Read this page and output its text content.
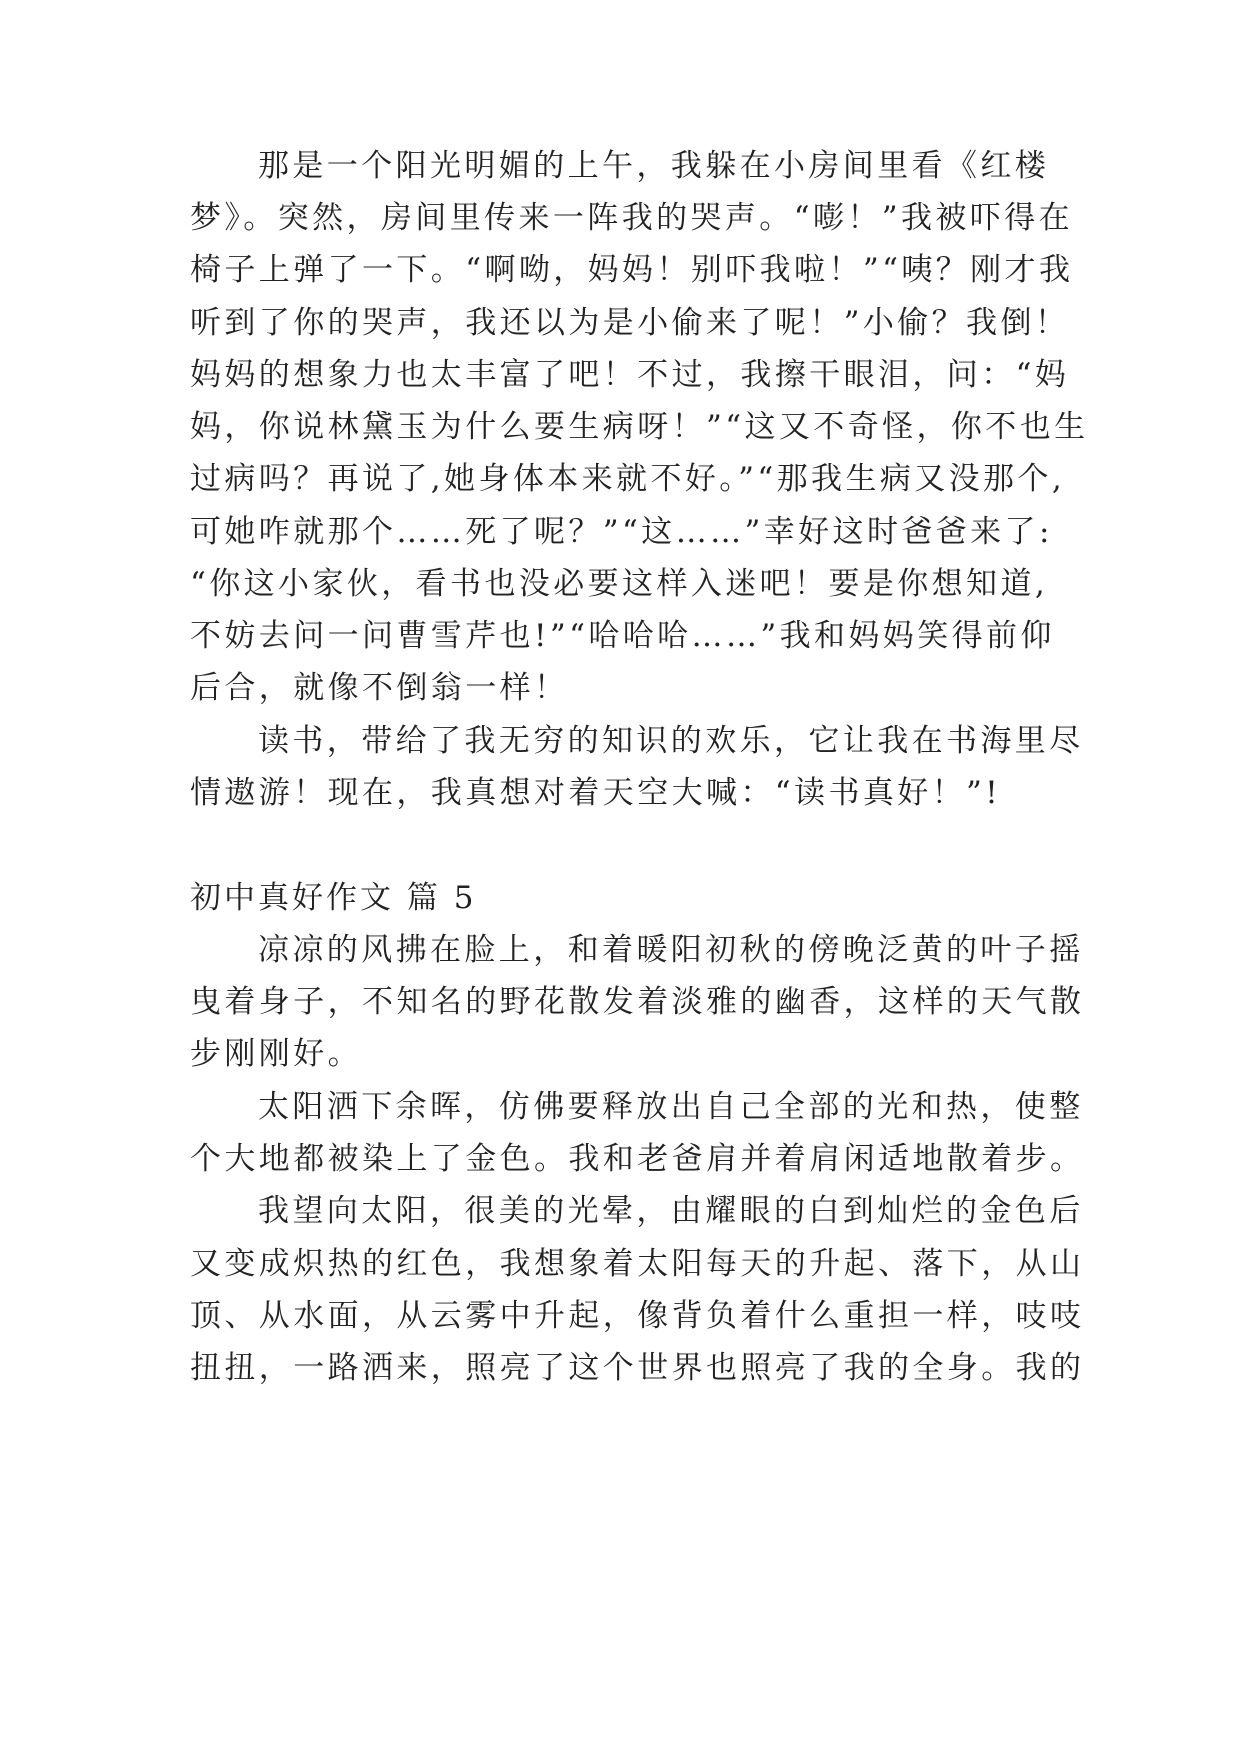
那是一个阳光明媚的上午，我躲在小房间里看《红楼
梦》。突然，房间里传来一阵我的哭声。“嘭！”我被吓得在
椅子上弹了一下。“啊呦，妈妈！别吓我啦！”“咦？刚才我
听到了你的哭声，我还以为是小偷来了呢！”小偷？我倒！
妈妈的想象力也太丰富了吧！不过，我擦干眼泪，问：“妈
妈，你说林黛玉为什么要生病呀！”“这又不奇怪，你不也生
过病吗？再说了,她身体本来就不好。”“那我生病又没那个,
可她咋就那个……死了呢？”“这……”幸好这时爸爸来了:
“你这小家伙，看书也没必要这样入迷吧！要是你想知道,
不妨去问一问曹雪芹也!”“哈哈哈……”我和妈妈笑得前仰
后合，就像不倒翁一样！
读书，带给了我无穷的知识的欢乐，它让我在书海里尽
情遨游！现在，我真想对着天空大喊：“读书真好！”!
初中真好作文 篇 5
凉凉的风拂在脸上，和着暖阳初秋的傍晚泛黄的叶子摇
曳着身子，不知名的野花散发着淡雅的幽香，这样的天气散
步刚刚好。
太阳洒下余晖，仿佛要释放出自己全部的光和热，使整
个大地都被染上了金色。我和老爸肩并着肩闲适地散着步。
我望向太阳，很美的光晕，由耀眼的白到灿烂的金色后
又变成炽热的红色，我想象着太阳每天的升起、落下，从山
顶、从水面，从云雾中升起，像背负着什么重担一样，吱吱
扭扭，一路洒来，照亮了这个世界也照亮了我的全身。我的
